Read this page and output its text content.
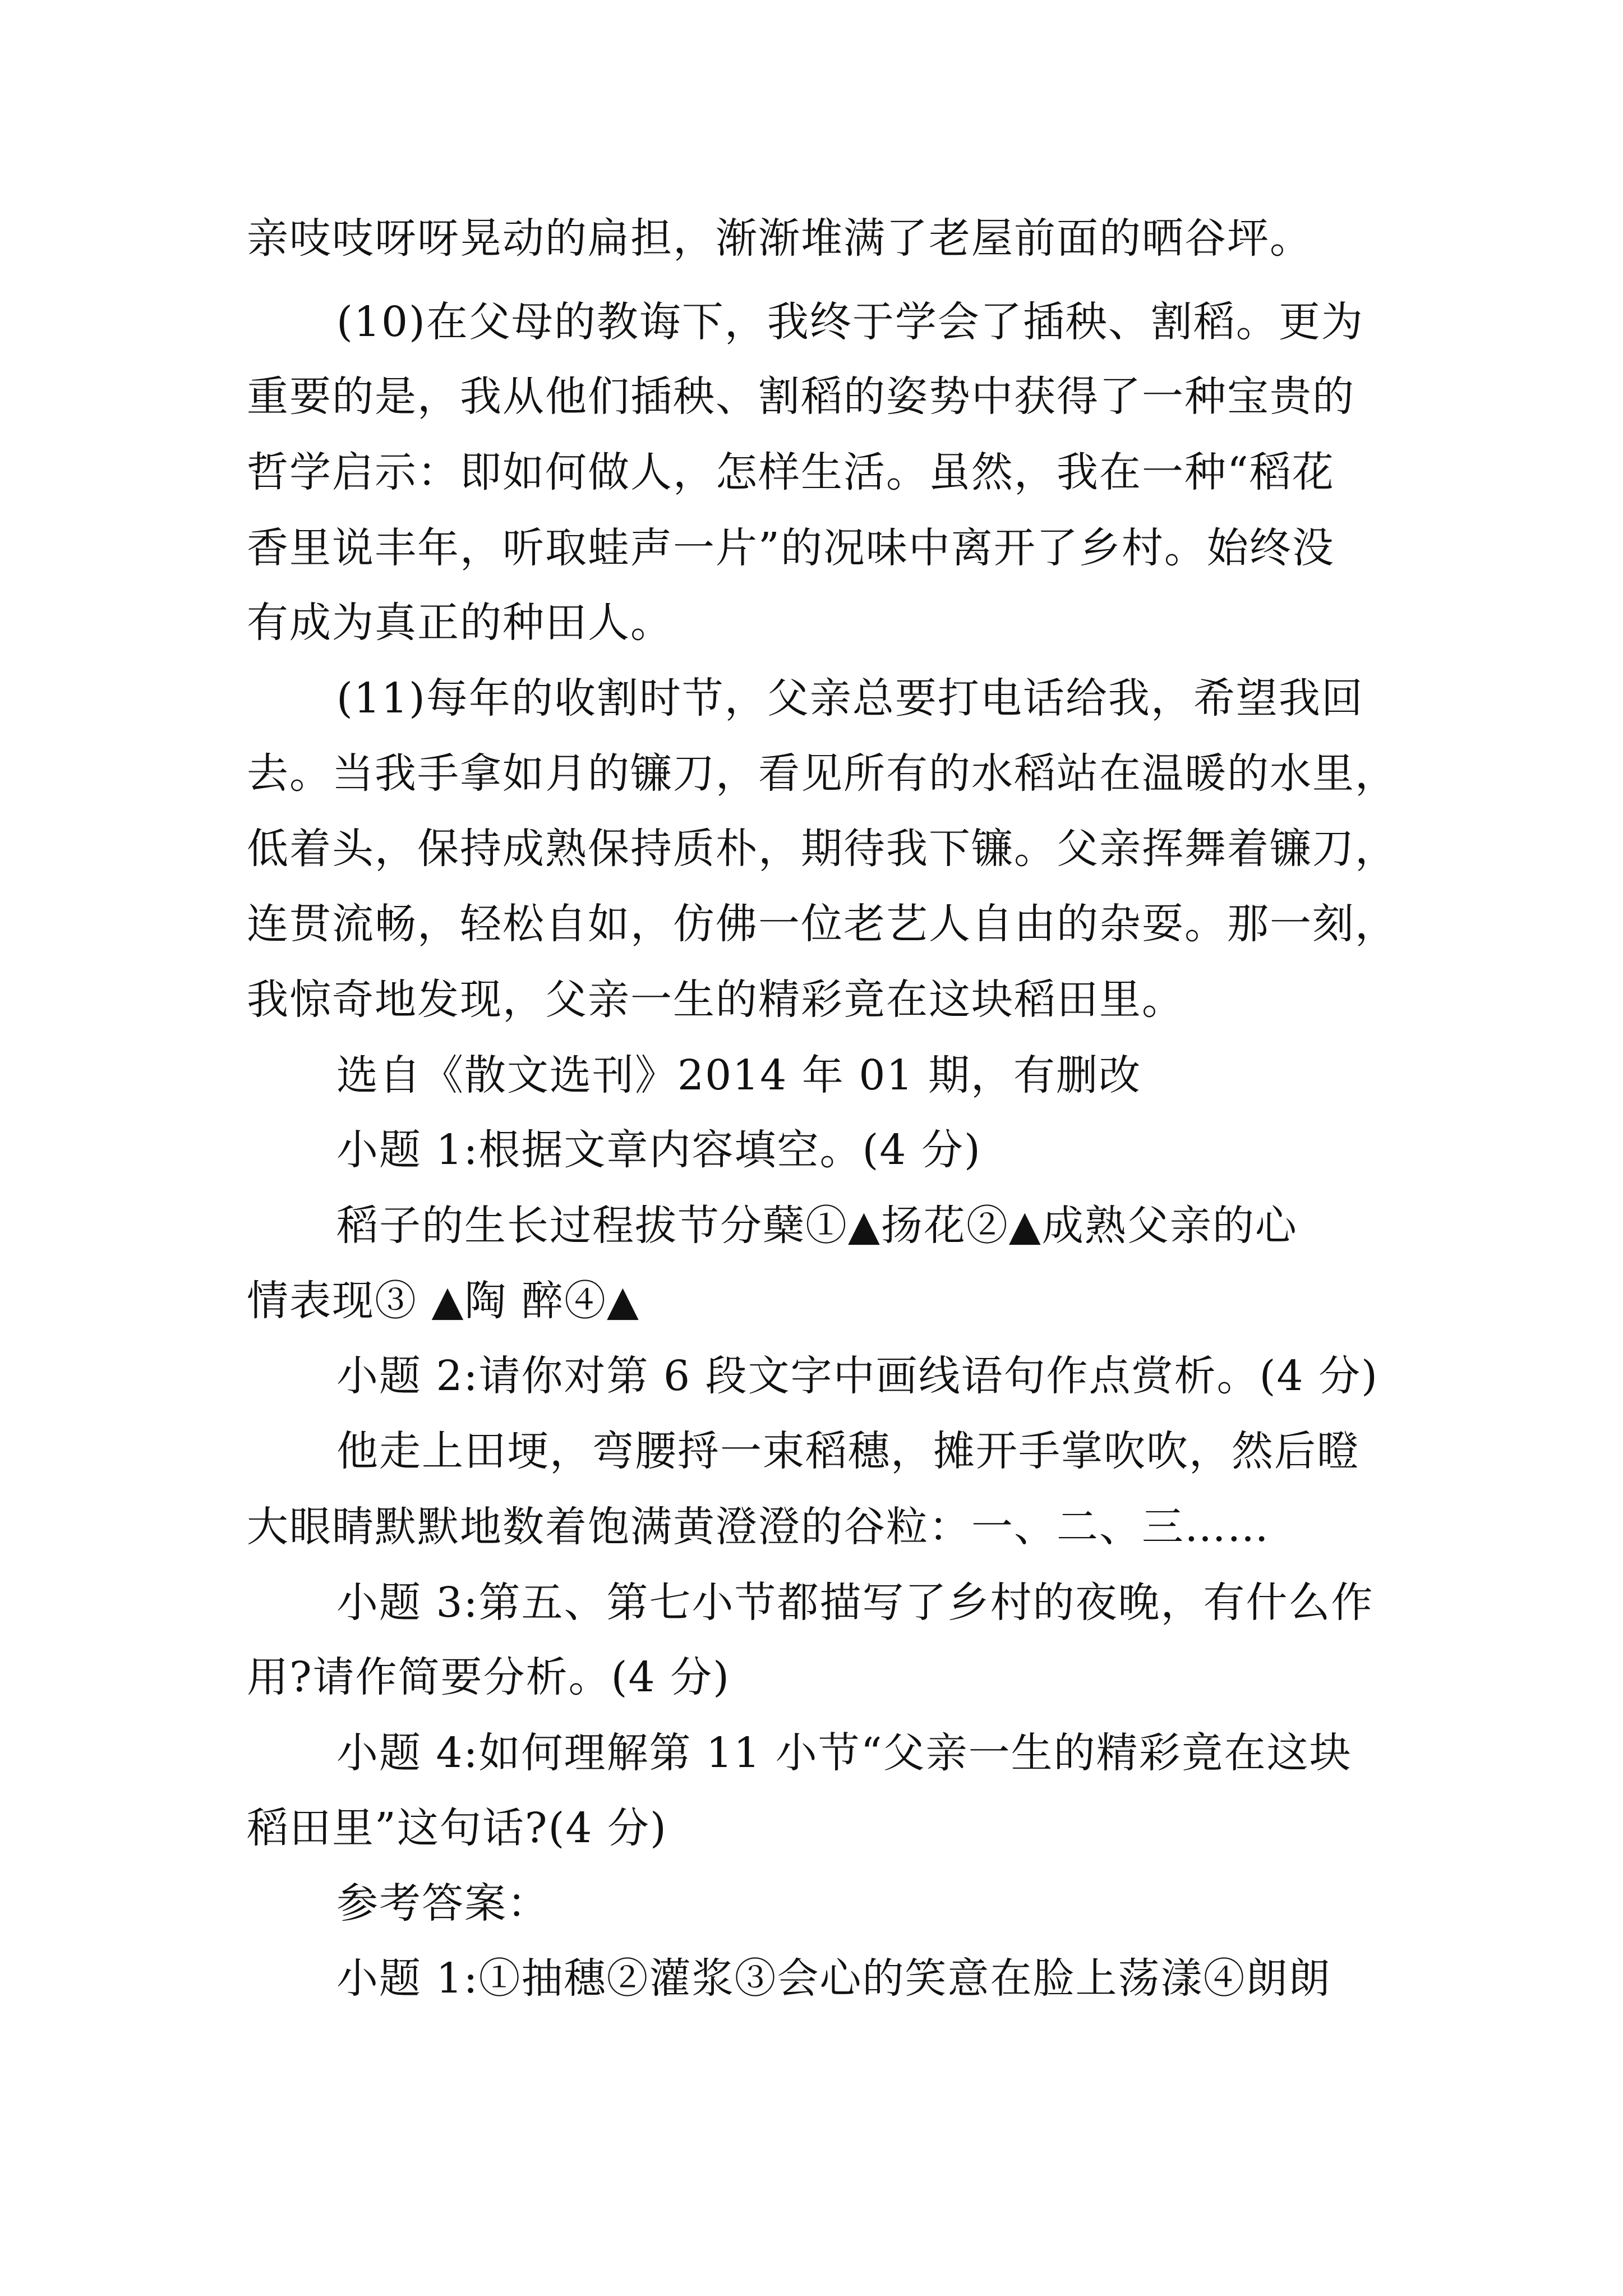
亲吱吱呀呀晃动的扁担，渐渐堆满了老屋前面的晒谷坪。
(10)在父母的教诲下，我终于学会了插秧、割稻。更为
重要的是，我从他们插秧、割稻的姿势中获得了一种宝贵的
哲学启示：即如何做人，怎样生活。虽然，我在一种“稻花
香里说丰年，听取蛙声一片”的况味中离开了乡村。始终没
有成为真正的种田人。
(11)每年的收割时节，父亲总要打电话给我，希望我回
去。当我手拿如月的镰刀，看见所有的水稻站在温暖的水里，
低着头，保持成熟保持质朴，期待我下镰。父亲挥舞着镰刀，
连贯流畅，轻松自如，仿佛一位老艺人自由的杂耍。那一刻，
我惊奇地发现，父亲一生的精彩竟在这块稻田里。
选自《散文选刊》2014 年 01 期，有删改
小题 1:根据文章内容填空。(4 分)
稻子的生长过程拔节分蘖①▲扬花②▲成熟父亲的心
情表现③ ▲陶 醉④▲
小题 2:请你对第 6 段文字中画线语句作点赏析。(4 分)
他走上田埂，弯腰捋一束稻穗，摊开手掌吹吹，然后瞪
大眼睛默默地数着饱满黄澄澄的谷粒：一、二、三……
小题 3:第五、第七小节都描写了乡村的夜晚，有什么作
用?请作简要分析。(4 分)
小题 4:如何理解第 11 小节“父亲一生的精彩竟在这块
稻田里”这句话?(4 分)
参考答案：
小题 1:①抽穗②灌浆③会心的笑意在脸上荡漾④朗朗
